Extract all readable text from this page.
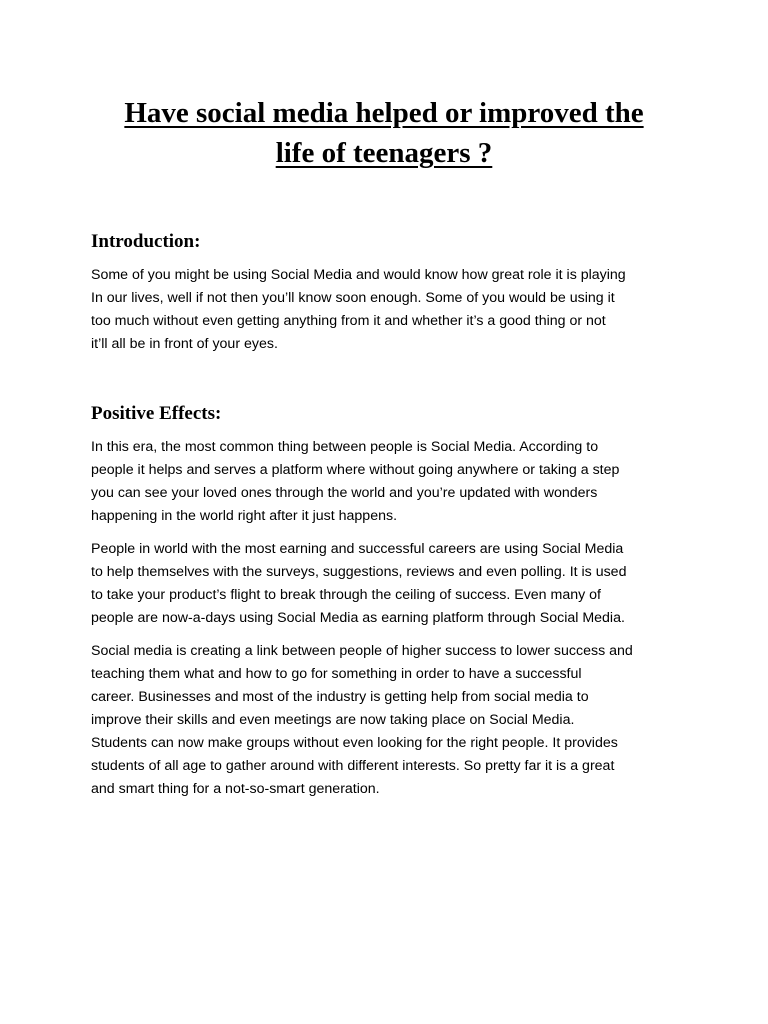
Have social media helped or improved the
life of teenagers ?
Introduction:

Some of you might be using Social Media and would know how great role it is playing
In our lives, well if not then you’ll know soon enough. Some of you would be using it
too much without even getting anything from it and whether it’s a good thing or not
it’ll all be in front of your eyes.

Positive Effects:

In this era, the most common thing between people is Social Media. According to
people it helps and serves a platform where without going anywhere or taking a step
you can see your loved ones through the world and you’re updated with wonders
happening in the world right after it just happens.

People in world with the most earning and successful careers are using Social Media
to help themselves with the surveys, suggestions, reviews and even polling. It is used
to take your product’s flight to break through the ceiling of success. Even many of
people are now-a-days using Social Media as earning platform through Social Media.

Social media is creating a link between people of higher success to lower success and
teaching them what and how to go for something in order to have a successful
career. Businesses and most of the industry is getting help from social media to
improve their skills and even meetings are now taking place on Social Media.
Students can now make groups without even looking for the right people. It provides
students of all age to gather around with different interests. So pretty far it is a great
and smart thing for a not-so-smart generation.
